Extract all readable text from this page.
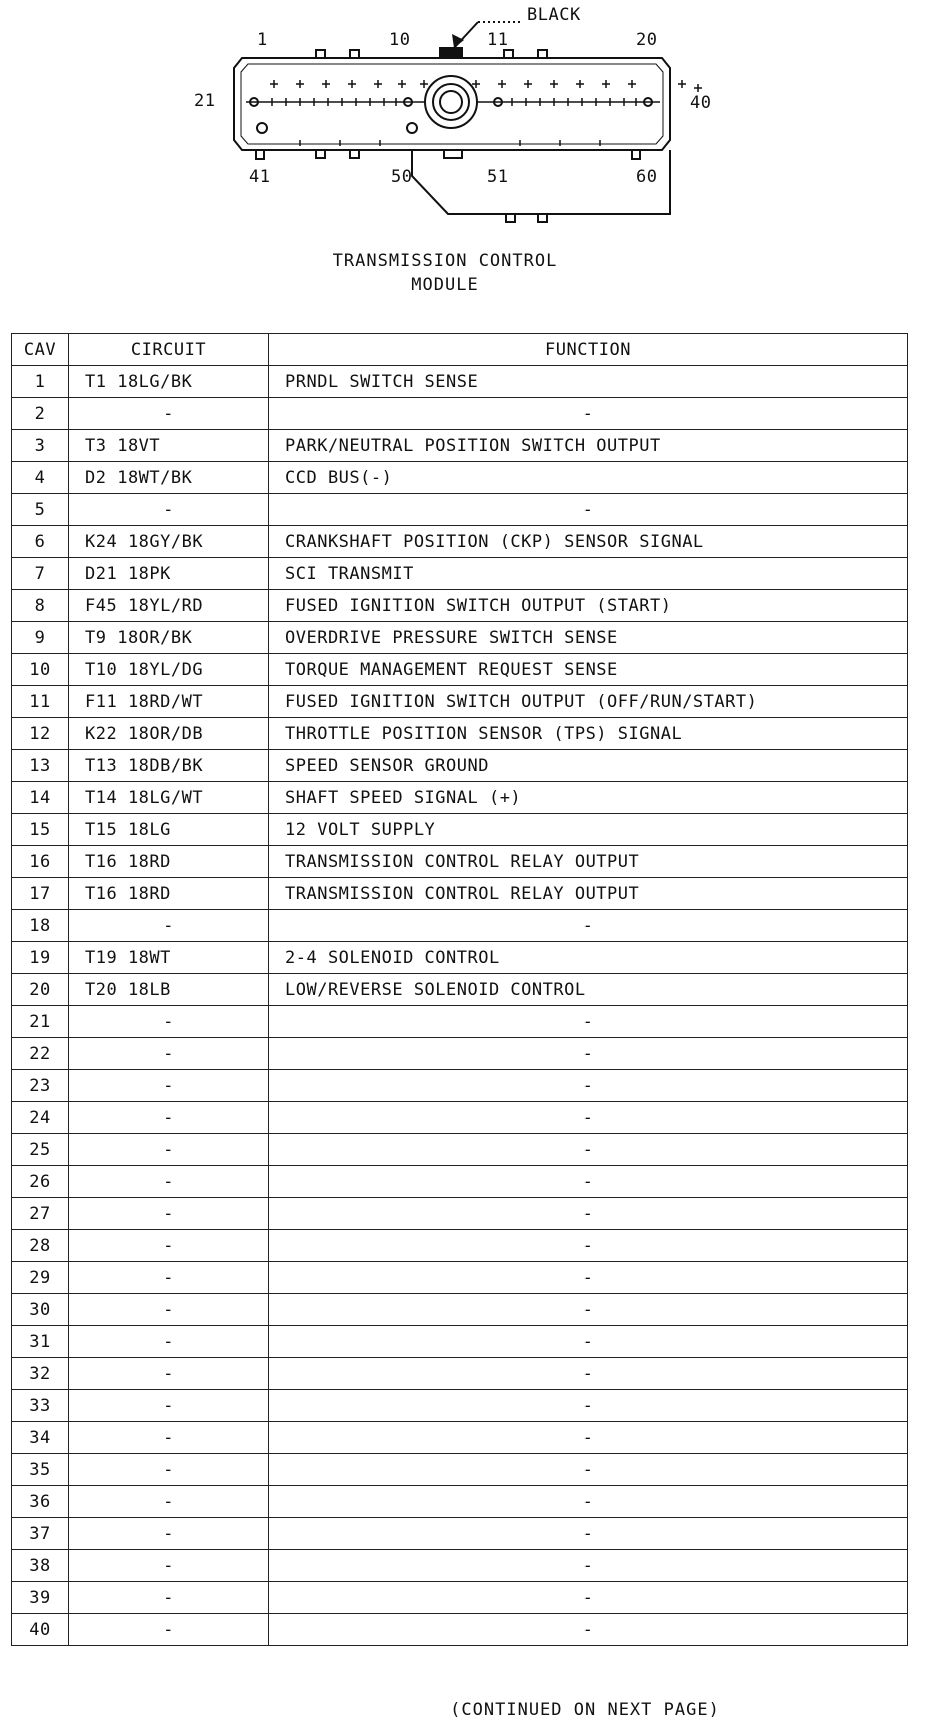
BLACK
1	10	11	20
21	40
41	50	51	60
TRANSMISSION CONTROL
MODULE
CAV	CIRCUIT	FUNCTION
1	T1 18LG/BK	PRNDL SWITCH SENSE
2	-	-
3	T3 18VT	PARK/NEUTRAL POSITION SWITCH OUTPUT
4	D2 18WT/BK	CCD BUS(-)
5	-	-
6	K24 18GY/BK	CRANKSHAFT POSITION (CKP) SENSOR SIGNAL
7	D21 18PK	SCI TRANSMIT
8	F45 18YL/RD	FUSED IGNITION SWITCH OUTPUT (START)
9	T9 18OR/BK	OVERDRIVE PRESSURE SWITCH SENSE
10	T10 18YL/DG	TORQUE MANAGEMENT REQUEST SENSE
11	F11 18RD/WT	FUSED IGNITION SWITCH OUTPUT (OFF/RUN/START)
12	K22 18OR/DB	THROTTLE POSITION SENSOR (TPS) SIGNAL
13	T13 18DB/BK	SPEED SENSOR GROUND
14	T14 18LG/WT	SHAFT SPEED SIGNAL (+)
15	T15 18LG	12 VOLT SUPPLY
16	T16 18RD	TRANSMISSION CONTROL RELAY OUTPUT
17	T16 18RD	TRANSMISSION CONTROL RELAY OUTPUT
18	-	-
19	T19 18WT	2-4 SOLENOID CONTROL
20	T20 18LB	LOW/REVERSE SOLENOID CONTROL
21	-	-
22	-	-
23	-	-
24	-	-
25	-	-
26	-	-
27	-	-
28	-	-
29	-	-
30	-	-
31	-	-
32	-	-
33	-	-
34	-	-
35	-	-
36	-	-
37	-	-
38	-	-
39	-	-
40	-	-
(CONTINUED ON NEXT PAGE)
